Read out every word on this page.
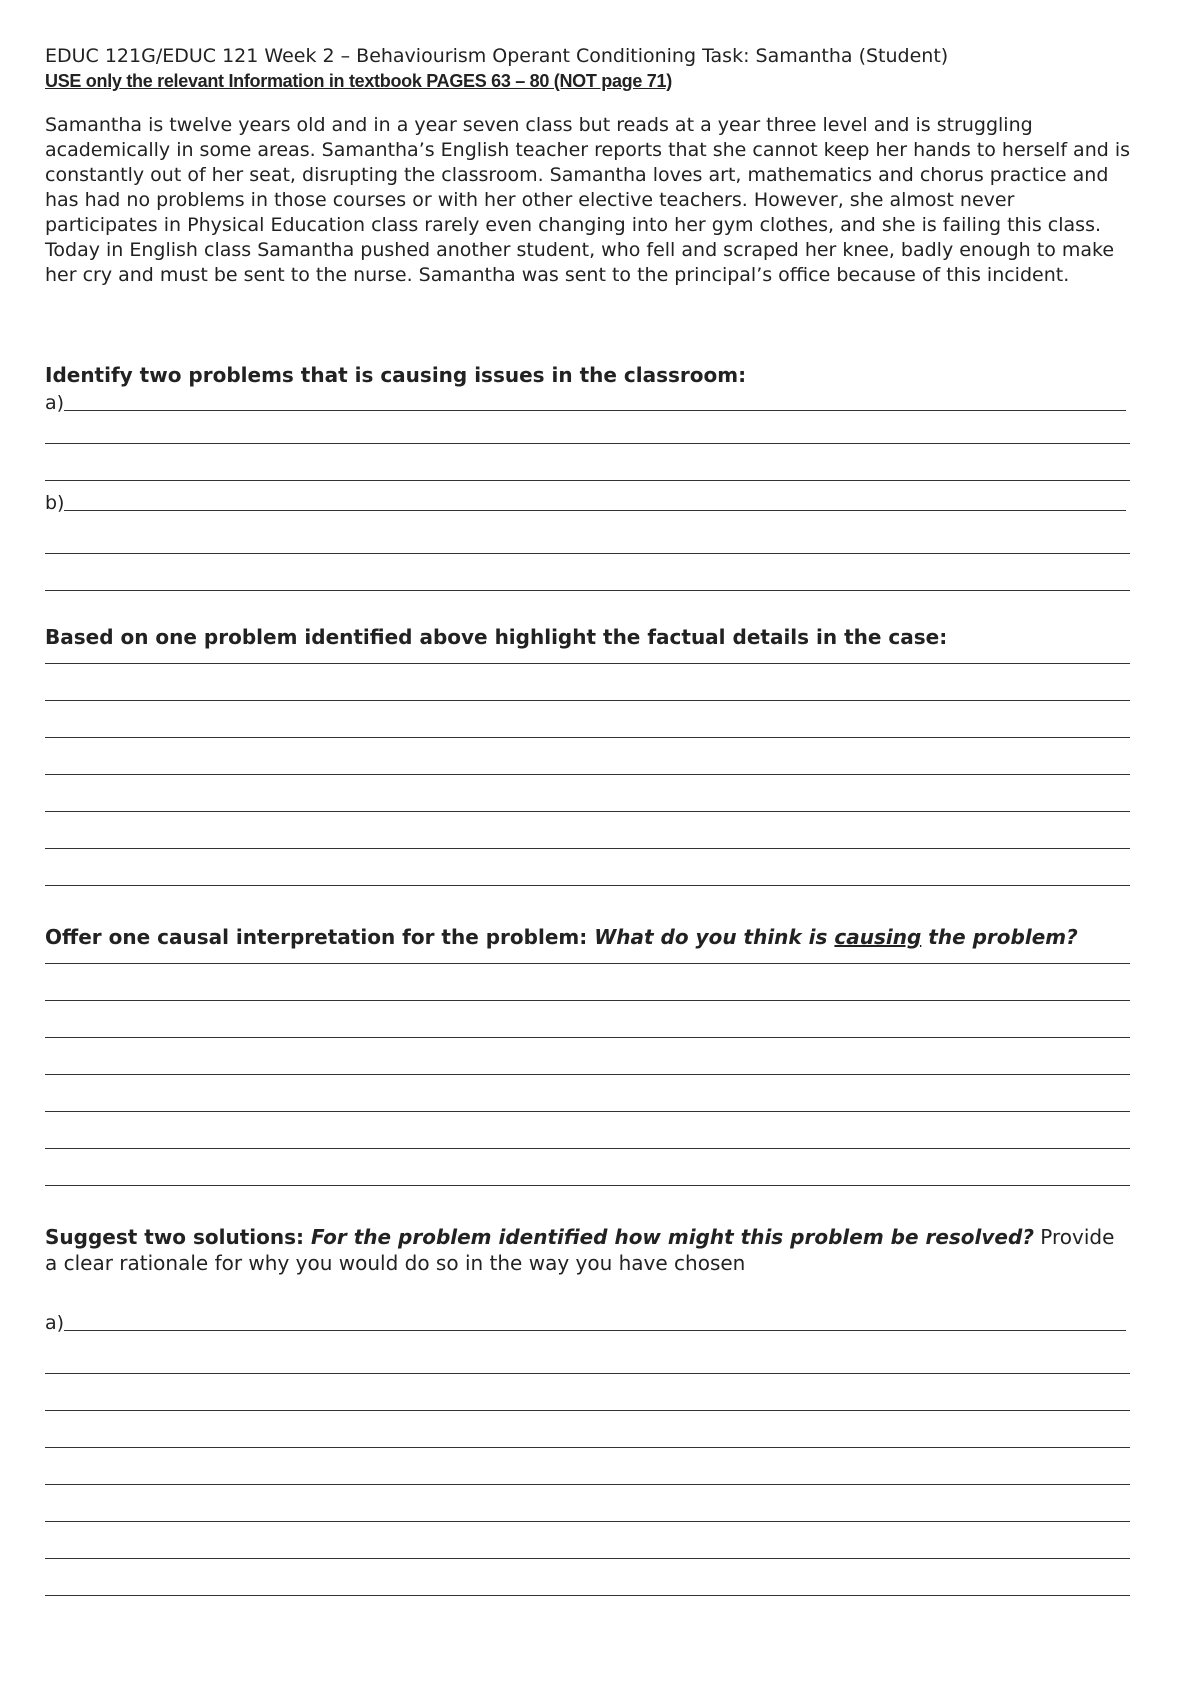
EDUC 121G/EDUC 121 Week 2 – Behaviourism Operant Conditioning Task: Samantha (Student)

USE only the relevant Information in textbook PAGES 63 – 80 (NOT page 71)

Samantha is twelve years old and in a year seven class but reads at a year three level and is struggling academically in some areas. Samantha’s English teacher reports that she cannot keep her hands to herself and is constantly out of her seat, disrupting the classroom. Samantha loves art, mathematics and chorus practice and has had no problems in those courses or with her other elective teachers. However, she almost never participates in Physical Education class rarely even changing into her gym clothes, and she is failing this class. Today in English class Samantha pushed another student, who fell and scraped her knee, badly enough to make her cry and must be sent to the nurse. Samantha was sent to the principal’s office because of this incident.

Identify two problems that is causing issues in the classroom:

a)
b)

Based on one problem identified above highlight the factual details in the case:

Offer one causal interpretation for the problem: What do you think is causing the problem?

Suggest two solutions: For the problem identified how might this problem be resolved? Provide a clear rationale for why you would do so in the way you have chosen

a)
